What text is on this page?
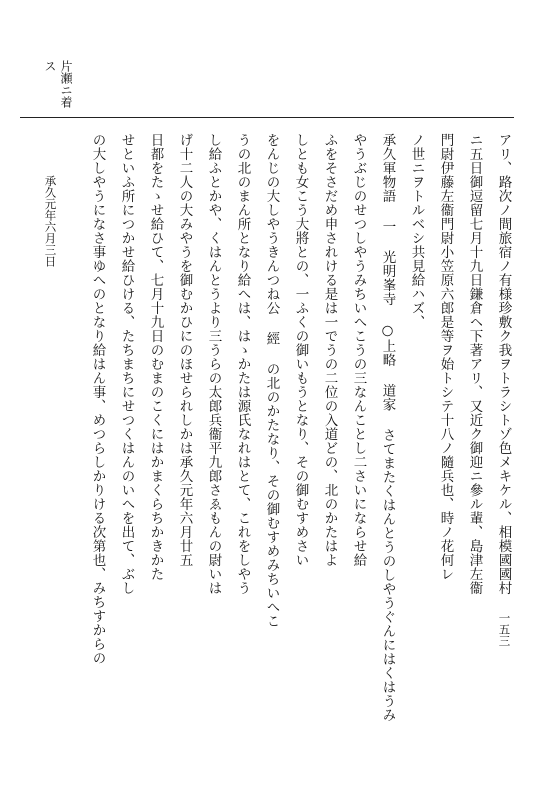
片瀬ニ着
ス
アリ、路次ノ間旅宿ノ有様珍敷ク我ヲトラシトゾ色メキケル、相模國國村
ニ五日御逗留七月十九日鎌倉ヘ下著アリ、又近ク御迎ニ參ル輩、島津左衞
門尉伊藤左衞門尉小笠原六郎是等ヲ始トシテ十八ノ隨兵也、時ノ花何レ
ノ世ニヲトルベシ共見給ハズ、
承久軍物語 一 光明峯寺 ○上略 道家 さてまたくはんとうのしやうぐんにはくはうみ
やうぶじのせつしやうみちいへこうの三なんことし二さいにならせ給
ふをそさだめ申されける是は一でうの二位の入道どの、北のかたはよ
しとも女こう大將との、一ふくの御いもうとなり、その御むすめさい
をんじの大しやうきんつね公 經 の北のかたなり、その御むすめみちいへこ
うの北のまん所となり給へは、はゝかたは源氏なれはとて、これをしやう
し給ふとかや、くはんとうより三うらの太郎兵衞平九郎さゑもんの尉いは
げ十二人の大みやうを御むかひにのほせられしかは承久元年六月廿五
日都をたゝせ給ひて、七月十九日のむまのこくにはかまくらちかきかた
せといふ所につかせ給ひける、たちまちにせつくはんのいへを出て、ぶし
の大しやうになさ事ゆへのとなり給はん事、めつらしかりける次第也、みちすからの
承久元年六月三日
一五三
